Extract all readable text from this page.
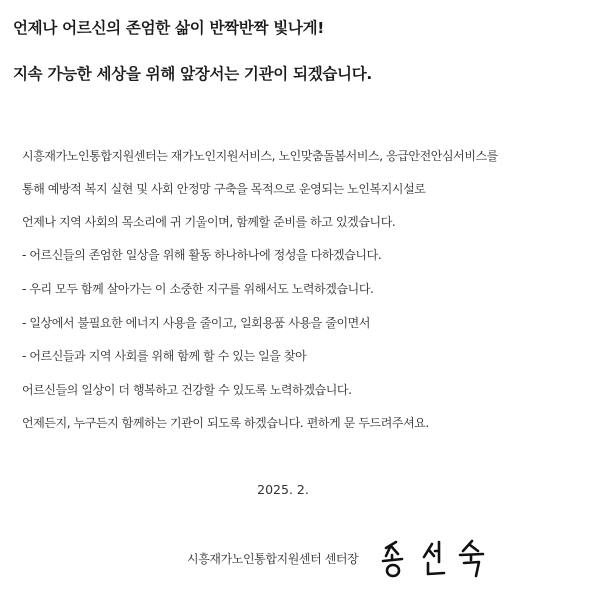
언제나 어르신의 존엄한 삶이 반짝반짝 빛나게!

지속 가능한 세상을 위해 앞장서는 기관이 되겠습니다.

시흥재가노인통합지원센터는 재가노인지원서비스, 노인맞춤돌봄서비스, 응급안전안심서비스를

통해 예방적 복지 실현 및 사회 안정망 구축을 목적으로 운영되는 노인복지시설로

언제나 지역 사회의 목소리에 귀 기울이며, 함께할 준비를 하고 있겠습니다.

- 어르신들의 존엄한 일상을 위해 활동 하나하나에 정성을 다하겠습니다.

- 우리 모두 함께 살아가는 이 소중한 지구를 위해서도 노력하겠습니다.

- 일상에서 불필요한 에너지 사용을 줄이고, 일회용품 사용을 줄이면서

- 어르신들과 지역 사회를 위해 함께 할 수 있는 일을 찾아

어르신들의 일상이 더 행복하고 건강할 수 있도록 노력하겠습니다.

언제든지, 누구든지 함께하는 기관이 되도록 하겠습니다. 편하게 문 두드려주셔요.

2025. 2.

시흥재가노인통합지원센터 센터장
